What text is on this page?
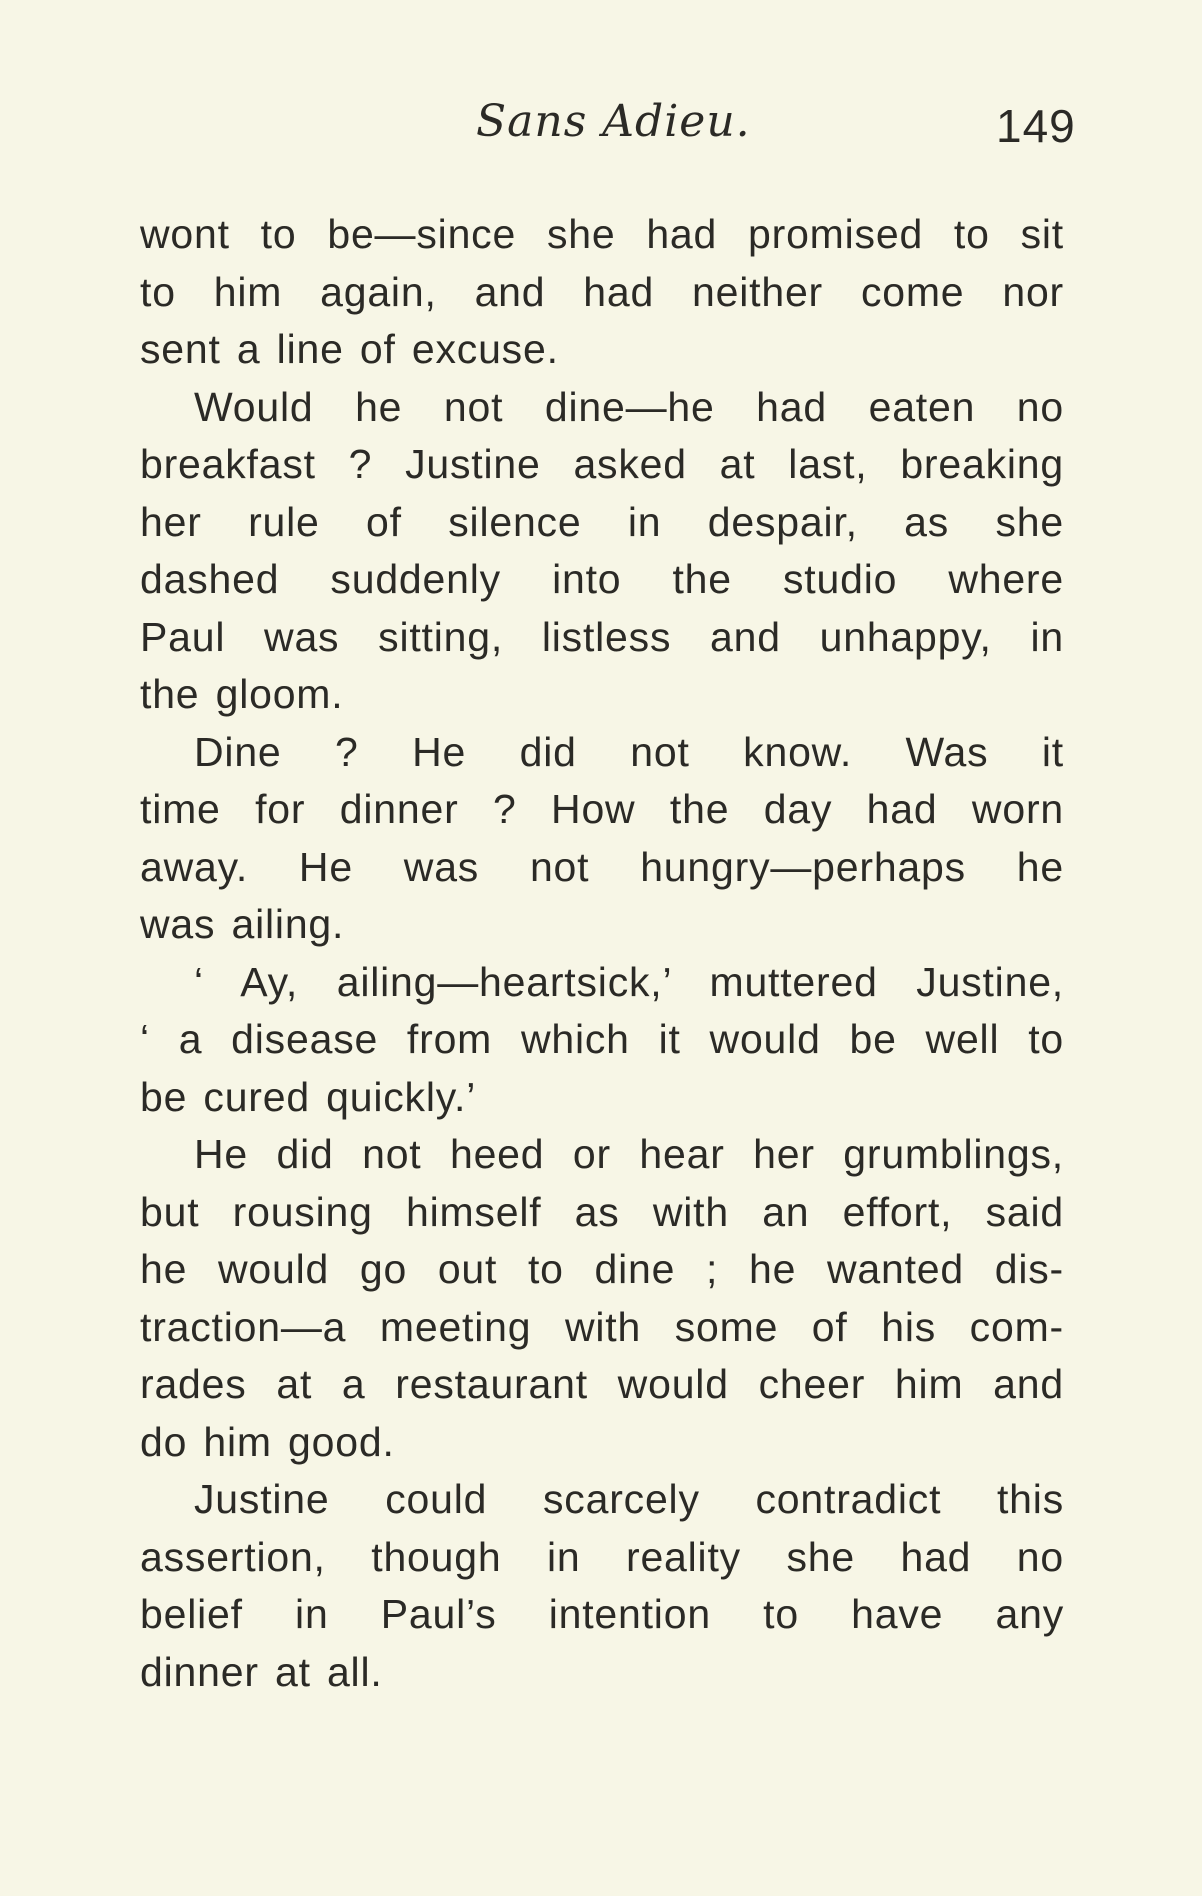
Sans Adieu.	149
wont to be—since she had promised to sit
to him again, and had neither come nor
sent a line of excuse.
Would he not dine—he had eaten no
breakfast ? Justine asked at last, breaking
her rule of silence in despair, as she
dashed suddenly into the studio where
Paul was sitting, listless and unhappy, in
the gloom.
Dine ? He did not know. Was it
time for dinner ? How the day had worn
away. He was not hungry—perhaps he
was ailing.
‘ Ay, ailing—heartsick,’ muttered Justine,
‘ a disease from which it would be well to
be cured quickly.’
He did not heed or hear her grumblings,
but rousing himself as with an effort, said
he would go out to dine ; he wanted dis-
traction—a meeting with some of his com-
rades at a restaurant would cheer him and
do him good.
Justine could scarcely contradict this
assertion, though in reality she had no
belief in Paul’s intention to have any
dinner at all.
